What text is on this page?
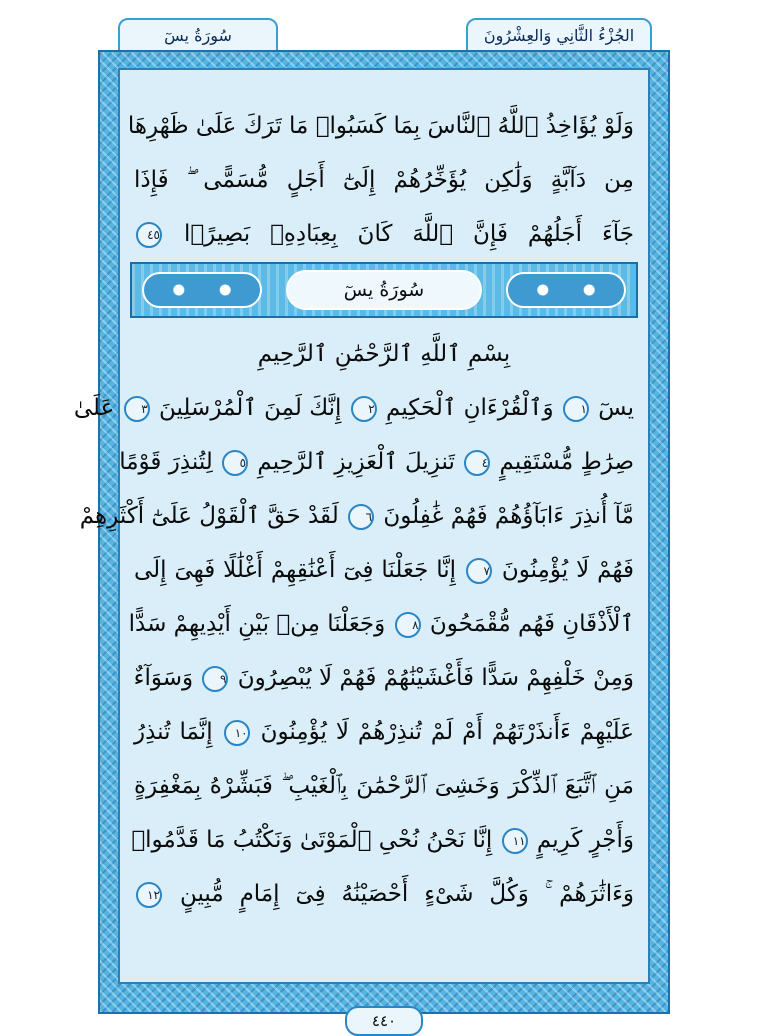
سُورَةُ يسٓ	الجُزْءُ الثَّانِي وَالعِشْرُونَ
وَلَوْ يُؤَاخِذُ ٱللَّهُ ٱلنَّاسَ بِمَا كَسَبُوا۟ مَا تَرَكَ عَلَىٰ ظَهْرِهَا
مِن دَآبَّةٍ وَلَٰكِن يُؤَخِّرُهُمْ إِلَىٰٓ أَجَلٍ مُّسَمًّى ۖ فَإِذَا
جَآءَ أَجَلُهُمْ فَإِنَّ ٱللَّهَ كَانَ بِعِبَادِهِۦ بَصِيرًۢا ٤٥
سُورَةُ يسٓ
بِسْمِ ٱللَّهِ ٱلرَّحْمَٰنِ ٱلرَّحِيمِ
يسٓ ١ وَٱلْقُرْءَانِ ٱلْحَكِيمِ ٢ إِنَّكَ لَمِنَ ٱلْمُرْسَلِينَ ٣ عَلَىٰ
صِرَٰطٍ مُّسْتَقِيمٍ ٤ تَنزِيلَ ٱلْعَزِيزِ ٱلرَّحِيمِ ٥ لِتُنذِرَ قَوْمًا
مَّآ أُنذِرَ ءَابَآؤُهُمْ فَهُمْ غَٰفِلُونَ ٦ لَقَدْ حَقَّ ٱلْقَوْلُ عَلَىٰٓ أَكْثَرِهِمْ
فَهُمْ لَا يُؤْمِنُونَ ٧ إِنَّا جَعَلْنَا فِىٓ أَعْنَٰقِهِمْ أَغْلَٰلًا فَهِىَ إِلَى
ٱلْأَذْقَانِ فَهُم مُّقْمَحُونَ ٨ وَجَعَلْنَا مِنۢ بَيْنِ أَيْدِيهِمْ سَدًّا
وَمِنْ خَلْفِهِمْ سَدًّا فَأَغْشَيْنَٰهُمْ فَهُمْ لَا يُبْصِرُونَ ٩ وَسَوَآءٌ
عَلَيْهِمْ ءَأَنذَرْتَهُمْ أَمْ لَمْ تُنذِرْهُمْ لَا يُؤْمِنُونَ ١٠ إِنَّمَا تُنذِرُ
مَنِ ٱتَّبَعَ ٱلذِّكْرَ وَخَشِىَ ٱلرَّحْمَٰنَ بِٱلْغَيْبِ ۖ فَبَشِّرْهُ بِمَغْفِرَةٍ
وَأَجْرٍ كَرِيمٍ ١١ إِنَّا نَحْنُ نُحْىِ ٱلْمَوْتَىٰ وَنَكْتُبُ مَا قَدَّمُوا۟
وَءَاثَٰرَهُمْ ۚ وَكُلَّ شَىْءٍ أَحْصَيْنَٰهُ فِىٓ إِمَامٍ مُّبِينٍ ١٢
٤٤٠
